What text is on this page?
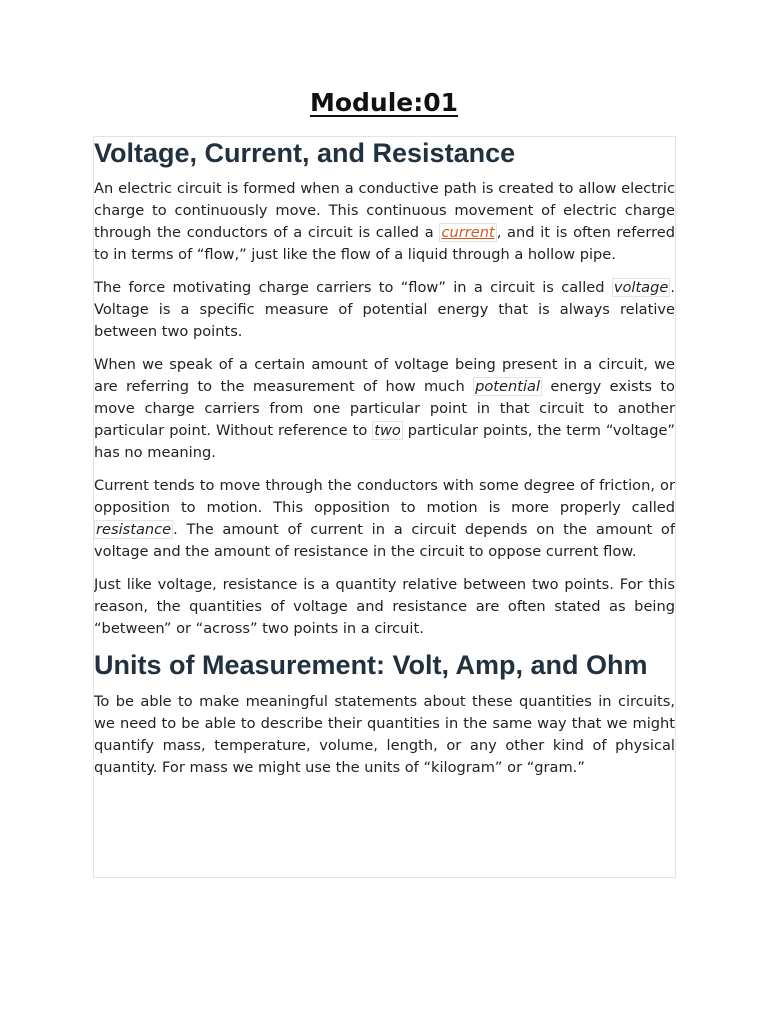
Module:01
Voltage, Current, and Resistance

An electric circuit is formed when a conductive path is created to allow electric charge to continuously move. This continuous movement of electric charge through the conductors of a circuit is called a current , and it is often referred to in terms of “flow,” just like the flow of a liquid through a hollow pipe.

The force motivating charge carriers to “flow” in a circuit is called voltage . Voltage is a specific measure of potential energy that is always relative between two points.

When we speak of a certain amount of voltage being present in a circuit, we are referring to the measurement of how much potential energy exists to move charge carriers from one particular point in that circuit to another particular point. Without reference to two particular points, the term “voltage” has no meaning.

Current tends to move through the conductors with some degree of friction, or opposition to motion. This opposition to motion is more properly called resistance . The amount of current in a circuit depends on the amount of voltage and the amount of resistance in the circuit to oppose current flow.

Just like voltage, resistance is a quantity relative between two points. For this reason, the quantities of voltage and resistance are often stated as being “between” or “across” two points in a circuit.

Units of Measurement: Volt, Amp, and Ohm

To be able to make meaningful statements about these quantities in circuits, we need to be able to describe their quantities in the same way that we might quantify mass, temperature, volume, length, or any other kind of physical quantity. For mass we might use the units of “kilogram” or “gram.”
